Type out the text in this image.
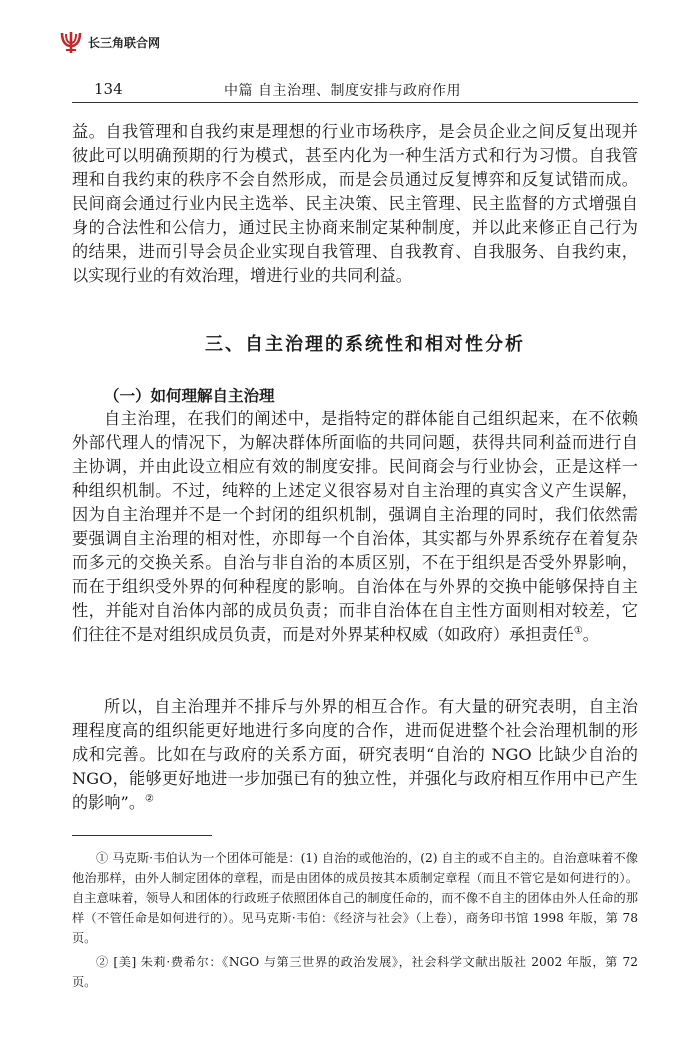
长三角联合网
134	中篇 自主治理、制度安排与政府作用

益。自我管理和自我约束是理想的行业市场秩序，是会员企业之间反复出现并彼此可以明确预期的行为模式，甚至内化为一种生活方式和行为习惯。自我管理和自我约束的秩序不会自然形成，而是会员通过反复博弈和反复试错而成。民间商会通过行业内民主选举、民主决策、民主管理、民主监督的方式增强自身的合法性和公信力，通过民主协商来制定某种制度，并以此来修正自己行为的结果，进而引导会员企业实现自我管理、自我教育、自我服务、自我约束，以实现行业的有效治理，增进行业的共同利益。

三、自主治理的系统性和相对性分析
（一）如何理解自主治理

自主治理，在我们的阐述中，是指特定的群体能自己组织起来，在不依赖外部代理人的情况下，为解决群体所面临的共同问题，获得共同利益而进行自主协调，并由此设立相应有效的制度安排。民间商会与行业协会，正是这样一种组织机制。不过，纯粹的上述定义很容易对自主治理的真实含义产生误解，因为自主治理并不是一个封闭的组织机制，强调自主治理的同时，我们依然需要强调自主治理的相对性，亦即每一个自治体，其实都与外界系统存在着复杂而多元的交换关系。自治与非自治的本质区别，不在于组织是否受外界影响，而在于组织受外界的何种程度的影响。自治体在与外界的交换中能够保持自主性，并能对自治体内部的成员负责；而非自治体在自主性方面则相对较差，它们往往不是对组织成员负责，而是对外界某种权威（如政府）承担责任①。

所以，自主治理并不排斥与外界的相互合作。有大量的研究表明，自主治理程度高的组织能更好地进行多向度的合作，进而促进整个社会治理机制的形成和完善。比如在与政府的关系方面，研究表明“自治的 NGO 比缺少自治的 NGO，能够更好地进一步加强已有的独立性，并强化与政府相互作用中已产生的影响”。②

① 马克斯·韦伯认为一个团体可能是：(1) 自治的或他治的，(2) 自主的或不自主的。自治意味着不像他治那样，由外人制定团体的章程，而是由团体的成员按其本质制定章程（而且不管它是如何进行的）。自主意味着，领导人和团体的行政班子依照团体自己的制度任命的，而不像不自主的团体由外人任命的那样（不管任命是如何进行的）。见马克斯·韦伯：《经济与社会》（上卷），商务印书馆 1998 年版，第 78 页。

② [美] 朱莉·费希尔：《NGO 与第三世界的政治发展》，社会科学文献出版社 2002 年版，第 72 页。
